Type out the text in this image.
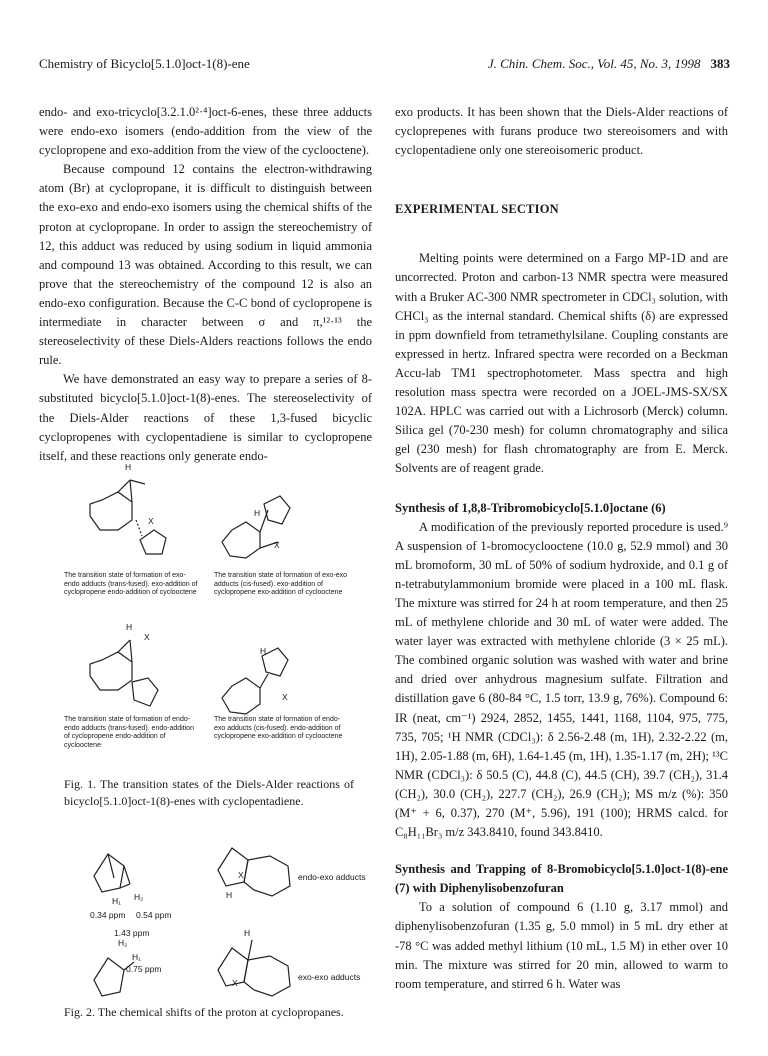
Chemistry of Bicyclo[5.1.0]oct-1(8)-ene	J. Chin. Chem. Soc., Vol. 45, No. 3, 1998 383

endo- and exo-tricyclo[3.2.1.0²·⁴]oct-6-enes, these three adducts were endo-exo isomers (endo-addition from the view of the cyclopropene and exo-addition from the view of the cyclooctene).

Because compound 12 contains the electron-withdrawing atom (Br) at cyclopropane, it is difficult to distinguish between the exo-exo and endo-exo isomers using the chemical shifts of the proton at cyclopropane. In order to assign the stereochemistry of 12, this adduct was reduced by using sodium in liquid ammonia and compound 13 was obtained. According to this result, we can prove that the stereochemistry of the compound 12 is also an endo-exo configuration. Because the C-C bond of cyclopropene is intermediate in character between σ and π,¹²·¹³ the stereoselectivity of these Diels-Alders reactions follows the endo rule.

We have demonstrated an easy way to prepare a series of 8-substituted bicyclo[5.1.0]oct-1(8)-enes. The stereoselectivity of the Diels-Alder reactions of these 1,3-fused bicyclic cyclopropenes with cyclopentadiene is similar to cyclopropene itself, and these reactions only generate endo-

H
X
H
X
The transition state of formation of exo-endo adducts (trans-fused). exo-addition of cyclopropene endo-addition of cyclooctene
The transition state of formation of exo-exo adducts (cis-fused). exo-addition of cyclopropene exo-addition of cyclooctene
H
X
H
X
The transition state of formation of endo-endo adducts (trans-fused). endo-addition of cyclopropene endo-addition of cyclooctene
The transition state of formation of endo-exo adducts (cis-fused). endo-addition of cyclopropene exo-addition of cyclooctene
Fig. 1. The transition states of the Diels-Alder reactions of bicyclo[5.1.0]oct-1(8)-enes with cyclopentadiene.
H₁ H₂
0.34 ppm 0.54 ppm
X
H
endo-exo adducts
1.43 ppm
H₂
H₁
0.75 ppm
H
X
exo-exo adducts
Fig. 2. The chemical shifts of the proton at cyclopropanes.

exo products. It has been shown that the Diels-Alder reactions of cycloprepenes with furans produce two stereoisomers and with cyclopentadiene only one stereoisomeric product.

EXPERIMENTAL SECTION

Melting points were determined on a Fargo MP-1D and are uncorrected. Proton and carbon-13 NMR spectra were measured with a Bruker AC-300 NMR spectrometer in CDCl₃ solution, with CHCl₃ as the internal standard. Chemical shifts (δ) are expressed in ppm downfield from tetramethylsilane. Coupling constants are expressed in hertz. Infrared spectra were recorded on a Beckman Accu-lab TM1 spectrophotometer. Mass spectra and high resolution mass spectra were recorded on a JOEL-JMS-SX/SX 102A. HPLC was carried out with a Lichrosorb (Merck) column. Silica gel (70-230 mesh) for column chromatography and silica gel (230 mesh) for flash chromatography are from E. Merck. Solvents are of reagent grade.

Synthesis of 1,8,8-Tribromobicyclo[5.1.0]octane (6)

A modification of the previously reported procedure is used.⁹ A suspension of 1-bromocyclooctene (10.0 g, 52.9 mmol) and 30 mL bromoform, 30 mL of 50% of sodium hydroxide, and 0.1 g of n-tetrabutylammonium bromide were placed in a 100 mL flask. The mixture was stirred for 24 h at room temperature, and then 25 mL of methylene chloride and 30 mL of water were added. The water layer was extracted with methylene chloride (3 × 25 mL). The combined organic solution was washed with water and brine and dried over anhydrous magnesium sulfate. Filtration and distillation gave 6 (80-84 °C, 1.5 torr, 13.9 g, 76%). Compound 6: IR (neat, cm⁻¹) 2924, 2852, 1455, 1441, 1168, 1104, 975, 775, 735, 705; ¹H NMR (CDCl₃): δ 2.56-2.48 (m, 1H), 2.32-2.22 (m, 1H), 2.05-1.88 (m, 6H), 1.64-1.45 (m, 1H), 1.35-1.17 (m, 2H); ¹³C NMR (CDCl₃): δ 50.5 (C), 44.8 (C), 44.5 (CH), 39.7 (CH₂), 31.4 (CH₂), 30.0 (CH₂), 227.7 (CH₂), 26.9 (CH₂); MS m/z (%): 350 (M⁺ + 6, 0.37), 270 (M⁺, 5.96), 191 (100); HRMS calcd. for C₈H₁₁Br₃ m/z 343.8410, found 343.8410.

Synthesis and Trapping of 8-Bromobicyclo[5.1.0]oct-1(8)-ene (7) with Diphenylisobenzofuran

To a solution of compound 6 (1.10 g, 3.17 mmol) and diphenylisobenzofuran (1.35 g, 5.0 mmol) in 5 mL dry ether at -78 °C was added methyl lithium (10 mL, 1.5 M) in ether over 10 min. The mixture was stirred for 20 min, allowed to warm to room temperature, and stirred 6 h. Water was
